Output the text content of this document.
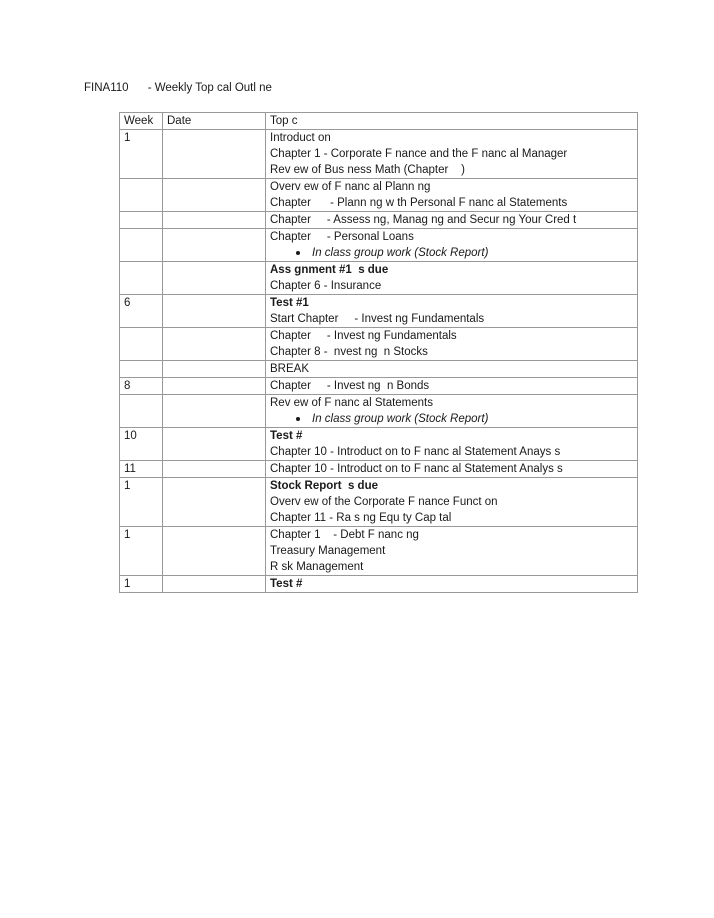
FINA110      - Weekly Top cal Outl ne
Week	Date	Top c
1		Introduct on
Chapter 1 - Corporate F nance and the F nanc al Manager
Rev ew of Bus ness Math (Chapter    )

		Overv ew of F nanc al Plann ng
Chapter      - Plann ng w th Personal F nanc al Statements

		Chapter     - Assess ng, Manag ng and Secur ng Your Cred t

		Chapter     - Personal Loans
In class group work (Stock Report)

		Ass gnment #1  s due
Chapter 6 - Insurance

6		Test #1
Start Chapter     - Invest ng Fundamentals

		Chapter     - Invest ng Fundamentals
Chapter 8 -  nvest ng  n Stocks

		BREAK

8		Chapter     - Invest ng  n Bonds

		Rev ew of F nanc al Statements
In class group work (Stock Report)

10		Test #
Chapter 10 - Introduct on to F nanc al Statement Anays s

11		Chapter 10 - Introduct on to F nanc al Statement Analys s

1		Stock Report  s due
Overv ew of the Corporate F nance Funct on
Chapter 11 - Ra s ng Equ ty Cap tal

1		Chapter 1    - Debt F nanc ng
Treasury Management
R sk Management

1		Test #
